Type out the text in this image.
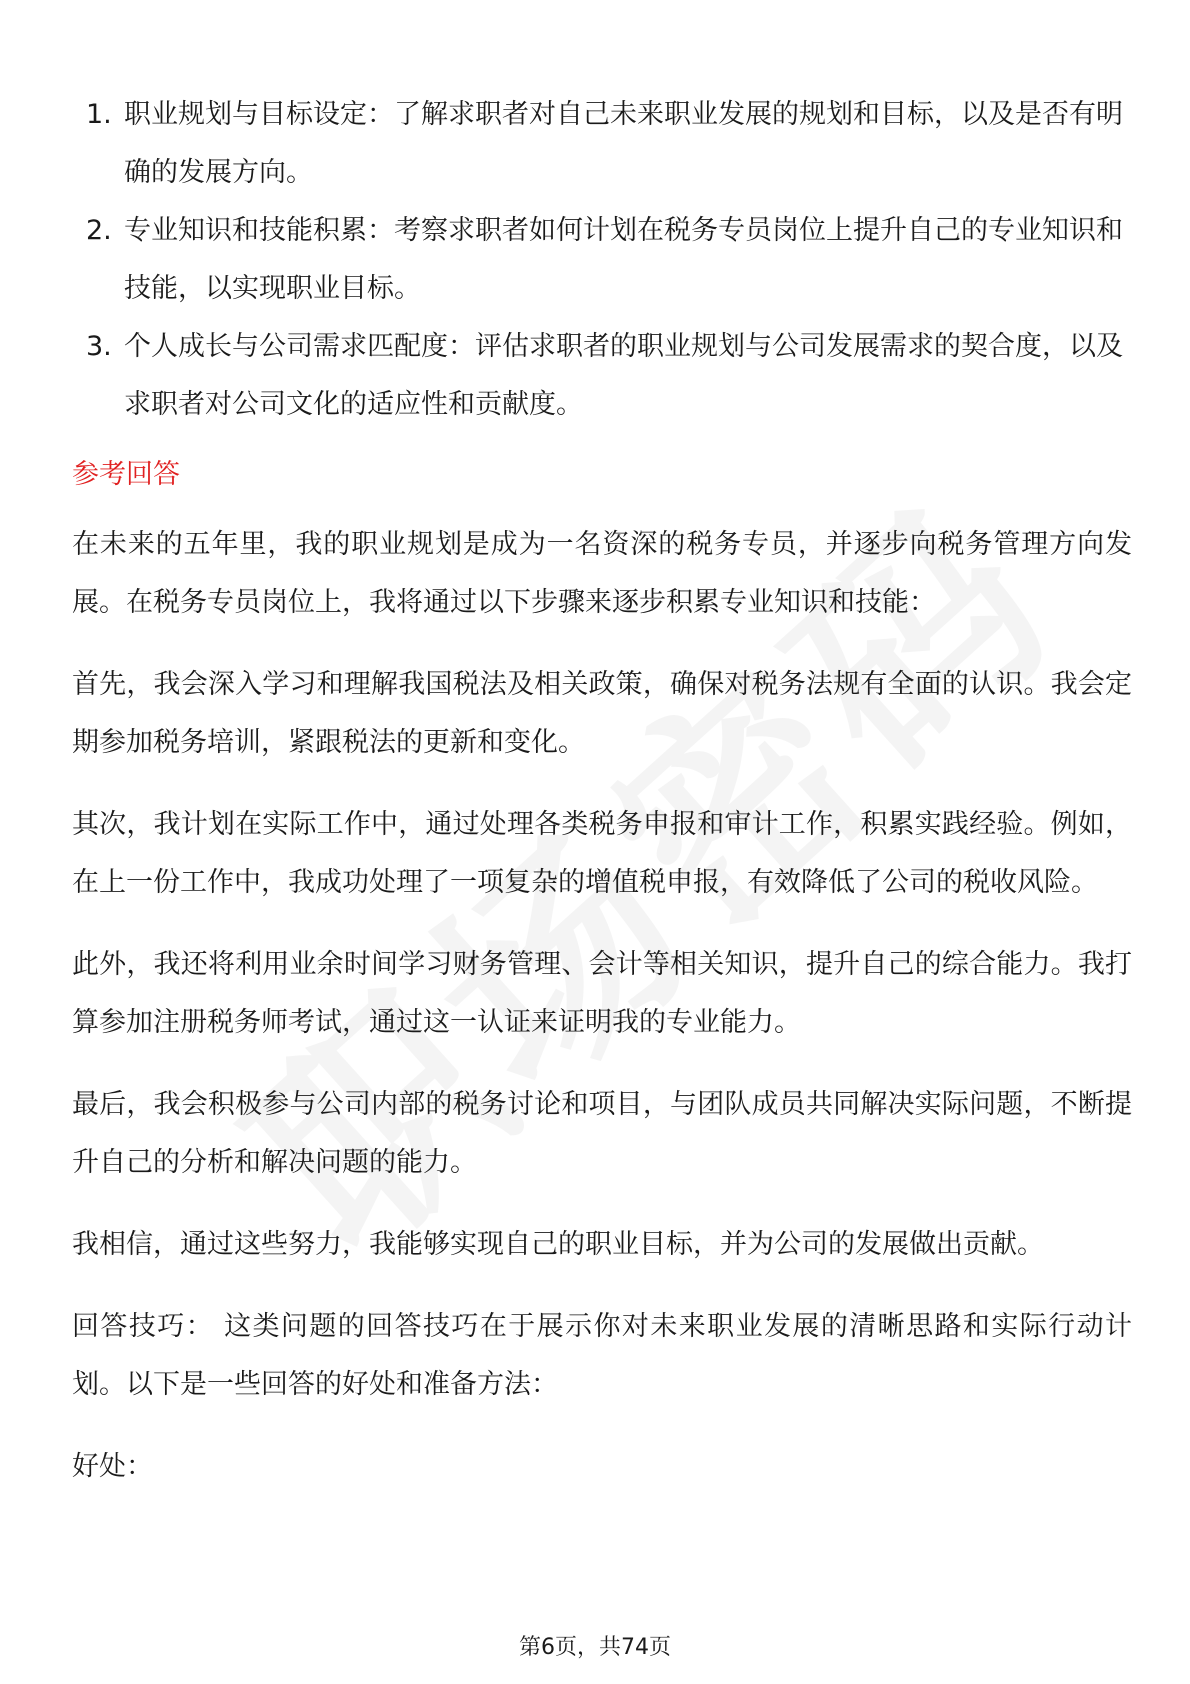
1. 职业规划与目标设定：了解求职者对自己未来职业发展的规划和目标，以及是否有明确的发展方向。
2. 专业知识和技能积累：考察求职者如何计划在税务专员岗位上提升自己的专业知识和技能，以实现职业目标。
3. 个人成长与公司需求匹配度：评估求职者的职业规划与公司发展需求的契合度，以及求职者对公司文化的适应性和贡献度。
参考回答

在未来的五年里，我的职业规划是成为一名资深的税务专员，并逐步向税务管理方向发展。在税务专员岗位上，我将通过以下步骤来逐步积累专业知识和技能：

首先，我会深入学习和理解我国税法及相关政策，确保对税务法规有全面的认识。我会定期参加税务培训，紧跟税法的更新和变化。

其次，我计划在实际工作中，通过处理各类税务申报和审计工作，积累实践经验。例如，在上一份工作中，我成功处理了一项复杂的增值税申报，有效降低了公司的税收风险。

此外，我还将利用业余时间学习财务管理、会计等相关知识，提升自己的综合能力。我打算参加注册税务师考试，通过这一认证来证明我的专业能力。

最后，我会积极参与公司内部的税务讨论和项目，与团队成员共同解决实际问题，不断提升自己的分析和解决问题的能力。

我相信，通过这些努力，我能够实现自己的职业目标，并为公司的发展做出贡献。

回答技巧： 这类问题的回答技巧在于展示你对未来职业发展的清晰思路和实际行动计划。以下是一些回答的好处和准备方法：

好处：

第6页，共74页
